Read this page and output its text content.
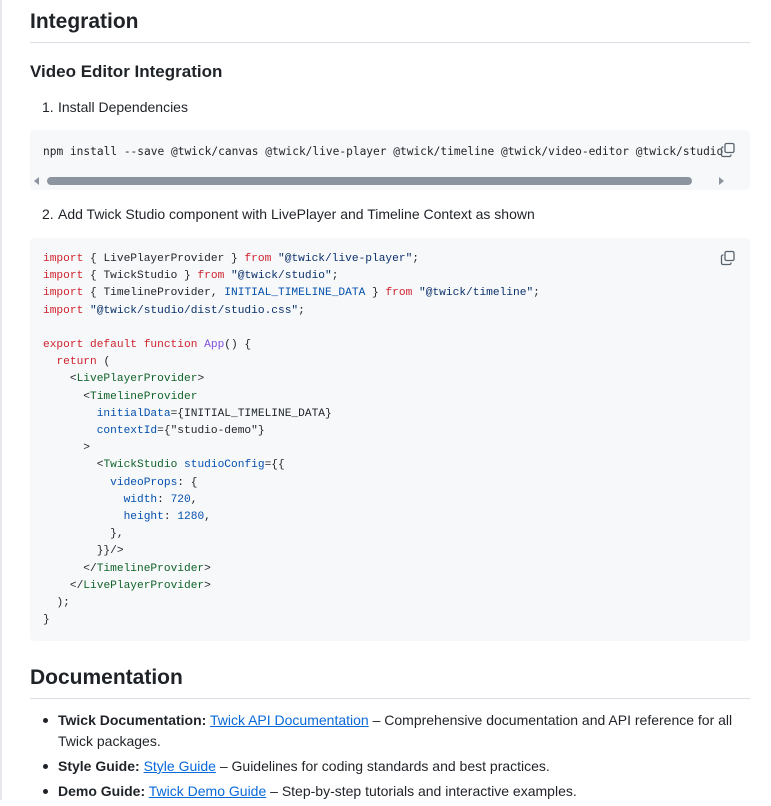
Integration
Video Editor Integration
1. Install Dependencies
npm install --save @twick/canvas @twick/live-player @twick/timeline @twick/video-editor @twick/studio
2. Add Twick Studio component with LivePlayer and Timeline Context as shown
import { LivePlayerProvider } from "@twick/live-player";
import { TwickStudio } from "@twick/studio";
import { TimelineProvider, INITIAL_TIMELINE_DATA } from "@twick/timeline";
import "@twick/studio/dist/studio.css";

export default function App() {
return (
<LivePlayerProvider>
<TimelineProvider
initialData={INITIAL_TIMELINE_DATA}
contextId={"studio-demo"}
>
<TwickStudio studioConfig={{
videoProps: {
width: 720,
height: 1280,
},
}}/>
</TimelineProvider>
</LivePlayerProvider>
);
}
Documentation
Twick Documentation: Twick API Documentation – Comprehensive documentation and API reference for all Twick packages.
Style Guide: Style Guide – Guidelines for coding standards and best practices.
Demo Guide: Twick Demo Guide – Step-by-step tutorials and interactive examples.
